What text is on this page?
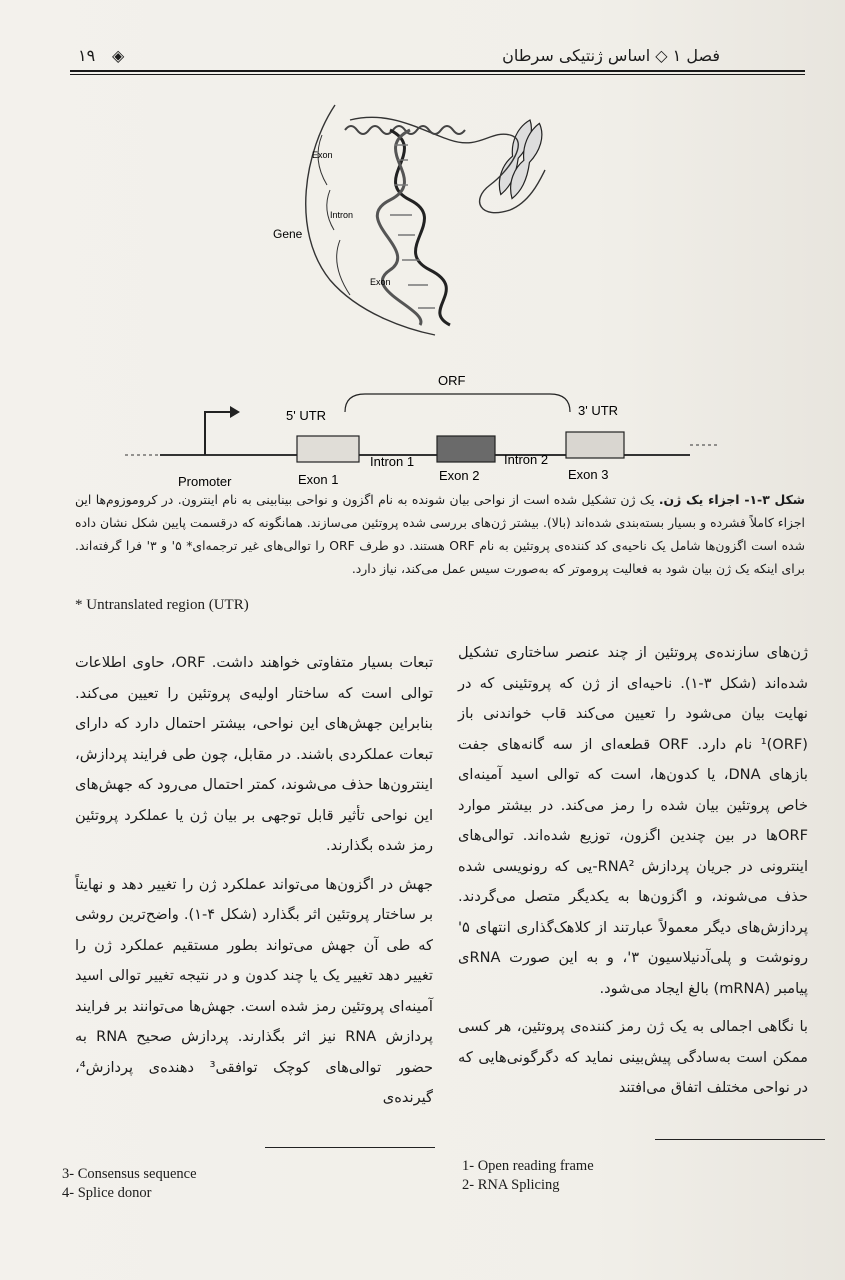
۱۹ ◈	فصل ۱ ◇ اساس ژنتیکی سرطان
Exon
Intron
Exon
Gene
ORF
5' UTR	3' UTR
Promoter	Exon 1
Intron 1
Exon 2
Intron 2
Exon 3
شکل ۳-۱- اجزاء یک ژن. یک ژن تشکیل شده است از نواحی بیان شونده به نام اگزون و نواحی بینابینی به نام اینترون. در کروموزوم‌ها این اجزاء کاملاً فشرده و بسیار بسته‌بندی شده‌اند (بالا). بیشتر ژن‌های بررسی شده پروتئین می‌سازند. همانگونه که درقسمت پایین شکل نشان داده شده است اگزون‌ها شامل یک ناحیه‌ی کد کننده‌ی پروتئین به نام ORF هستند. دو طرف ORF را توالی‌های غیر ترجمه‌ای* ۵' و ۳' فرا گرفته‌اند. برای اینکه یک ژن بیان شود به فعالیت پروموتر که به‌صورت سیس عمل می‌کند، نیاز دارد.
* Untranslated region (UTR)

ژن‌های سازنده‌ی پروتئین از چند عنصر ساختاری تشکیل شده‌اند (شکل ۳-۱). ناحیه‌ای از ژن که پروتئینی که در نهایت بیان می‌شود را تعیین می‌کند قاب خواندنی باز (ORF)¹ نام دارد. ORF قطعه‌ای از سه گانه‌های جفت بازهای DNA، یا کدون‌ها، است که توالی اسید آمینه‌ای خاص پروتئین بیان شده را رمز می‌کند. در بیشتر موارد ORFها در بین چندین اگزون، توزیع شده‌اند. توالی‌های اینترونی در جریان پردازش RNA²-یی که رونویسی شده حذف می‌شوند، و اگزون‌ها به یکدیگر متصل می‌گردند. پردازش‌های دیگر معمولاً عبارتند از کلاهک‌گذاری انتهای ۵' رونوشت و پلی‌آدنیلاسیون ۳'، و به این صورت RNAی پیامبر (mRNA) بالغ ایجاد می‌شود.

با نگاهی اجمالی به یک ژن رمز کننده‌ی پروتئین، هر کسی ممکن است به‌سادگی پیش‌بینی نماید که دگرگونی‌هایی که در نواحی مختلف اتفاق می‌افتند

تبعات بسیار متفاوتی خواهند داشت. ORF، حاوی اطلاعات توالی است که ساختار اولیه‌ی پروتئین را تعیین می‌کند. بنابراین جهش‌های این نواحی، بیشتر احتمال دارد که دارای تبعات عملکردی باشند. در مقابل، چون طی فرایند پردازش، اینترون‌ها حذف می‌شوند، کمتر احتمال می‌رود که جهش‌های این نواحی تأثیر قابل توجهی بر بیان ژن یا عملکرد پروتئین رمز شده بگذارند.

جهش در اگزون‌ها می‌تواند عملکرد ژن را تغییر دهد و نهایتاً بر ساختار پروتئین اثر بگذارد (شکل ۴-۱). واضح‌ترین روشی که طی آن جهش می‌تواند بطور مستقیم عملکرد ژن را تغییر دهد تغییر یک یا چند کدون و در نتیجه تغییر توالی اسید آمینه‌ای پروتئین رمز شده است. جهش‌ها می‌توانند بر فرایند پردازش RNA نیز اثر بگذارند. پردازش صحیح RNA به حضور توالی‌های کوچک توافقی³ دهنده‌ی پردازش⁴، گیرنده‌ی

3- Consensus sequence
4- Splice donor
1- Open reading frame
2- RNA Splicing
